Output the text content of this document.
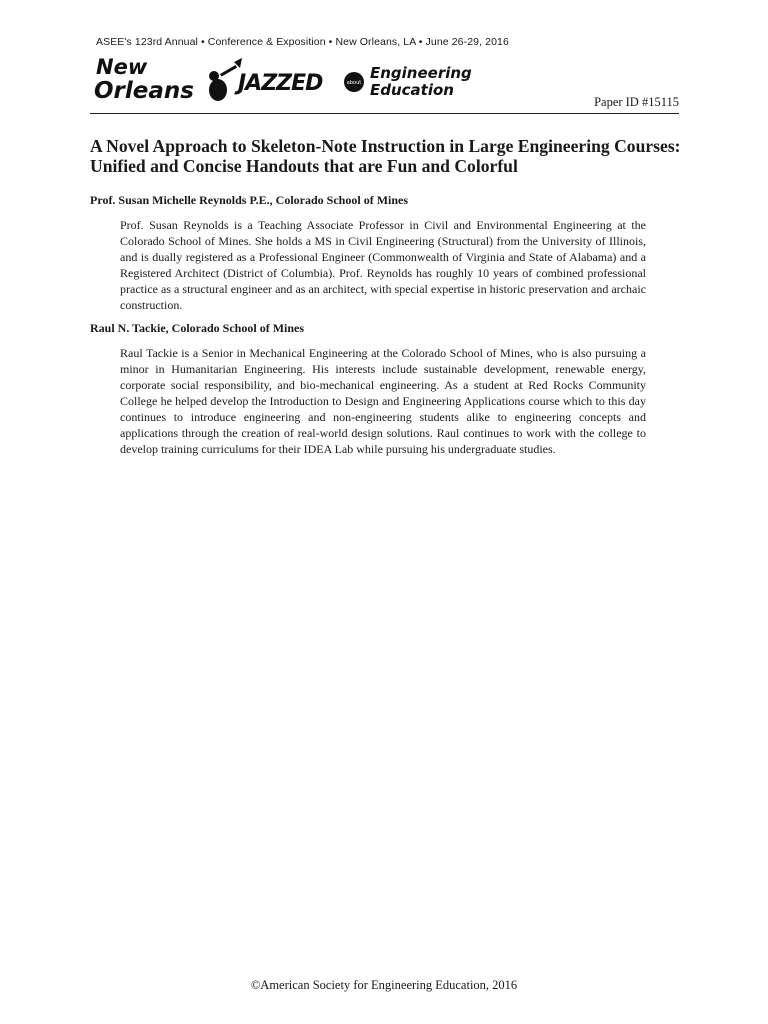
ASEE's 123rd Annual • Conference & Exposition • New Orleans, LA • June 26-29, 2016
New
Orleans JAZZED	about
Engineering
Education
Paper ID #15115
A Novel Approach to Skeleton-Note Instruction in Large Engineering Courses:
Unified and Concise Handouts that are Fun and Colorful
Prof. Susan Michelle Reynolds P.E., Colorado School of Mines

Prof. Susan Reynolds is a Teaching Associate Professor in Civil and Environmental Engineering at the Colorado School of Mines. She holds a MS in Civil Engineering (Structural) from the University of Illinois, and is dually registered as a Professional Engineer (Commonwealth of Virginia and State of Alabama) and a Registered Architect (District of Columbia). Prof. Reynolds has roughly 10 years of combined professional practice as a structural engineer and as an architect, with special expertise in historic preservation and archaic construction.

Raul N. Tackie, Colorado School of Mines

Raul Tackie is a Senior in Mechanical Engineering at the Colorado School of Mines, who is also pursuing a minor in Humanitarian Engineering. His interests include sustainable development, renewable energy, corporate social responsibility, and bio-mechanical engineering. As a student at Red Rocks Community College he helped develop the Introduction to Design and Engineering Applications course which to this day continues to introduce engineering and non-engineering students alike to engineering concepts and applications through the creation of real-world design solutions. Raul continues to work with the college to develop training curriculums for their IDEA Lab while pursuing his undergraduate studies.

©American Society for Engineering Education, 2016
